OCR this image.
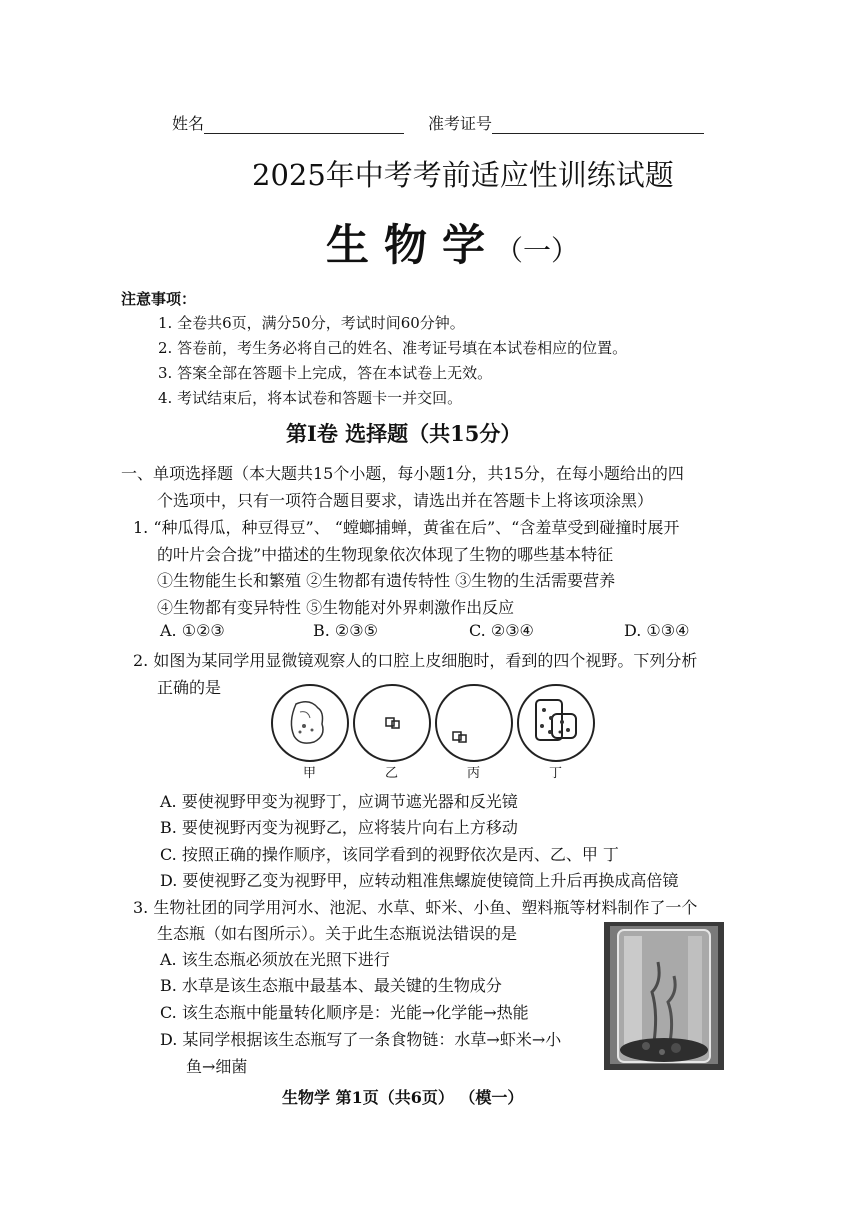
姓名	准考证号
2025年中考考前适应性训练试题
生 物 学 （一）
注意事项：
1. 全卷共6页，满分50分，考试时间60分钟。
2. 答卷前，考生务必将自己的姓名、准考证号填在本试卷相应的位置。
3. 答案全部在答题卡上完成，答在本试卷上无效。
4. 考试结束后，将本试卷和答题卡一并交回。
第Ⅰ卷 选择题（共15分）
一、单项选择题（本大题共15个小题，每小题1分，共15分，在每小题给出的四
个选项中，只有一项符合题目要求，请选出并在答题卡上将该项涂黑）
1. “种瓜得瓜，种豆得豆”、 “螳螂捕蝉，黄雀在后”、“含羞草受到碰撞时展开
的叶片会合拢”中描述的生物现象依次体现了生物的哪些基本特征
①生物能生长和繁殖 ②生物都有遗传特性 ③生物的生活需要营养
④生物都有变异特性 ⑤生物能对外界刺激作出反应
A. ①②③	B. ②③⑤	C. ②③④	D. ①③④
2. 如图为某同学用显微镜观察人的口腔上皮细胞时，看到的四个视野。下列分析
正确的是
甲	乙	丙	丁
A. 要使视野甲变为视野丁，应调节遮光器和反光镜
B. 要使视野丙变为视野乙，应将装片向右上方移动
C. 按照正确的操作顺序，该同学看到的视野依次是丙、乙、甲 丁
D. 要使视野乙变为视野甲，应转动粗准焦螺旋使镜筒上升后再换成高倍镜
3. 生物社团的同学用河水、池泥、水草、虾米、小鱼、塑料瓶等材料制作了一个
生态瓶（如右图所示）。关于此生态瓶说法错误的是
A. 该生态瓶必须放在光照下进行
B. 水草是该生态瓶中最基本、最关键的生物成分
C. 该生态瓶中能量转化顺序是：光能→化学能→热能
D. 某同学根据该生态瓶写了一条食物链：水草→虾米→小
鱼→细菌
生物学 第1页（共6页） （模一）
